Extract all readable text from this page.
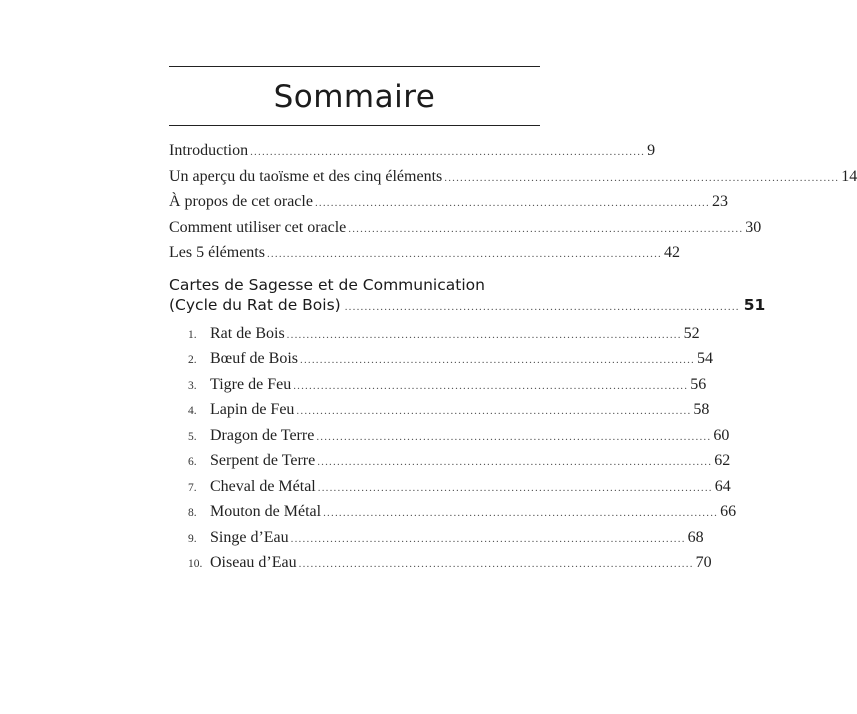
Sommaire
Introduction .................................................................................................... 9
Un aperçu du taoïsme et des cinq éléments .................................................................................................... 14
À propos de cet oracle .................................................................................................... 23
Comment utiliser cet oracle .................................................................................................... 30
Les 5 éléments .................................................................................................... 42
Cartes de Sagesse et de Communication
(Cycle du Rat de Bois) .................................................................................................... 51
1. Rat de Bois .................................................................................................... 52
2. Bœuf de Bois .................................................................................................... 54
3. Tigre de Feu .................................................................................................... 56
4. Lapin de Feu .................................................................................................... 58
5. Dragon de Terre .................................................................................................... 60
6. Serpent de Terre .................................................................................................... 62
7. Cheval de Métal .................................................................................................... 64
8. Mouton de Métal .................................................................................................... 66
9. Singe d’Eau .................................................................................................... 68
10. Oiseau d’Eau .................................................................................................... 70
